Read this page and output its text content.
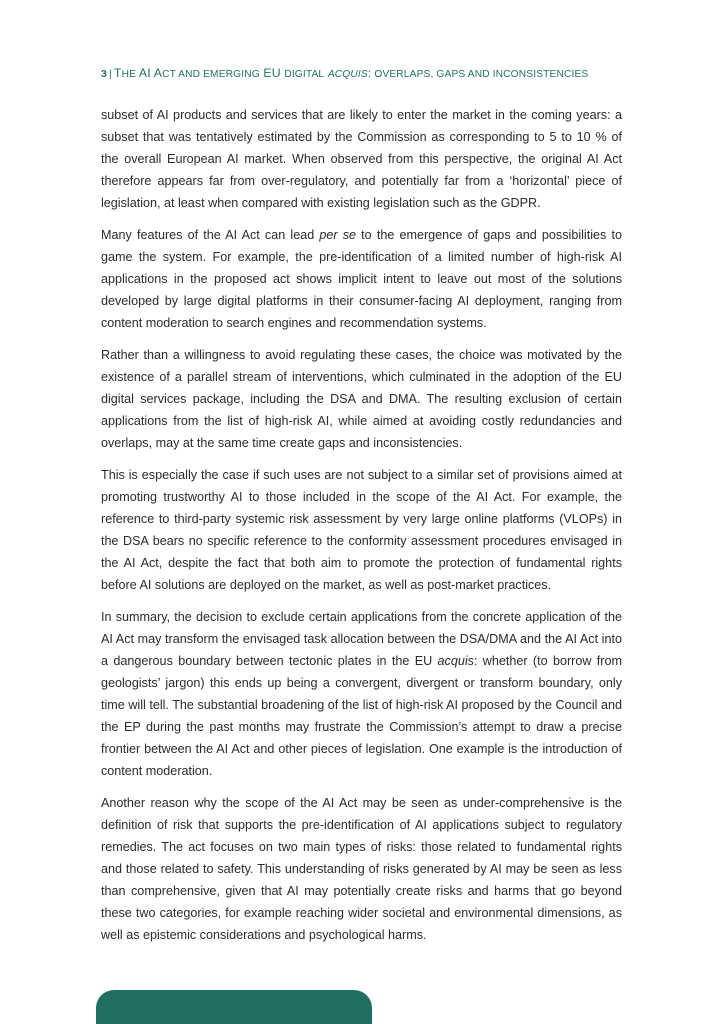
3 | THE AI ACT AND EMERGING EU DIGITAL ACQUIS: OVERLAPS, GAPS AND INCONSISTENCIES

subset of AI products and services that are likely to enter the market in the coming years: a subset that was tentatively estimated by the Commission as corresponding to 5 to 10 % of the overall European AI market. When observed from this perspective, the original AI Act therefore appears far from over-regulatory, and potentially far from a ‘horizontal’ piece of legislation, at least when compared with existing legislation such as the GDPR.

Many features of the AI Act can lead per se to the emergence of gaps and possibilities to game the system. For example, the pre-identification of a limited number of high-risk AI applications in the proposed act shows implicit intent to leave out most of the solutions developed by large digital platforms in their consumer-facing AI deployment, ranging from content moderation to search engines and recommendation systems.

Rather than a willingness to avoid regulating these cases, the choice was motivated by the existence of a parallel stream of interventions, which culminated in the adoption of the EU digital services package, including the DSA and DMA. The resulting exclusion of certain applications from the list of high-risk AI, while aimed at avoiding costly redundancies and overlaps, may at the same time create gaps and inconsistencies.

This is especially the case if such uses are not subject to a similar set of provisions aimed at promoting trustworthy AI to those included in the scope of the AI Act. For example, the reference to third-party systemic risk assessment by very large online platforms (VLOPs) in the DSA bears no specific reference to the conformity assessment procedures envisaged in the AI Act, despite the fact that both aim to promote the protection of fundamental rights before AI solutions are deployed on the market, as well as post-market practices.

In summary, the decision to exclude certain applications from the concrete application of the AI Act may transform the envisaged task allocation between the DSA/DMA and the AI Act into a dangerous boundary between tectonic plates in the EU acquis: whether (to borrow from geologists’ jargon) this ends up being a convergent, divergent or transform boundary, only time will tell. The substantial broadening of the list of high-risk AI proposed by the Council and the EP during the past months may frustrate the Commission’s attempt to draw a precise frontier between the AI Act and other pieces of legislation. One example is the introduction of content moderation.

Another reason why the scope of the AI Act may be seen as under-comprehensive is the definition of risk that supports the pre-identification of AI applications subject to regulatory remedies. The act focuses on two main types of risks: those related to fundamental rights and those related to safety. This understanding of risks generated by AI may be seen as less than comprehensive, given that AI may potentially create risks and harms that go beyond these two categories, for example reaching wider societal and environmental dimensions, as well as epistemic considerations and psychological harms.
